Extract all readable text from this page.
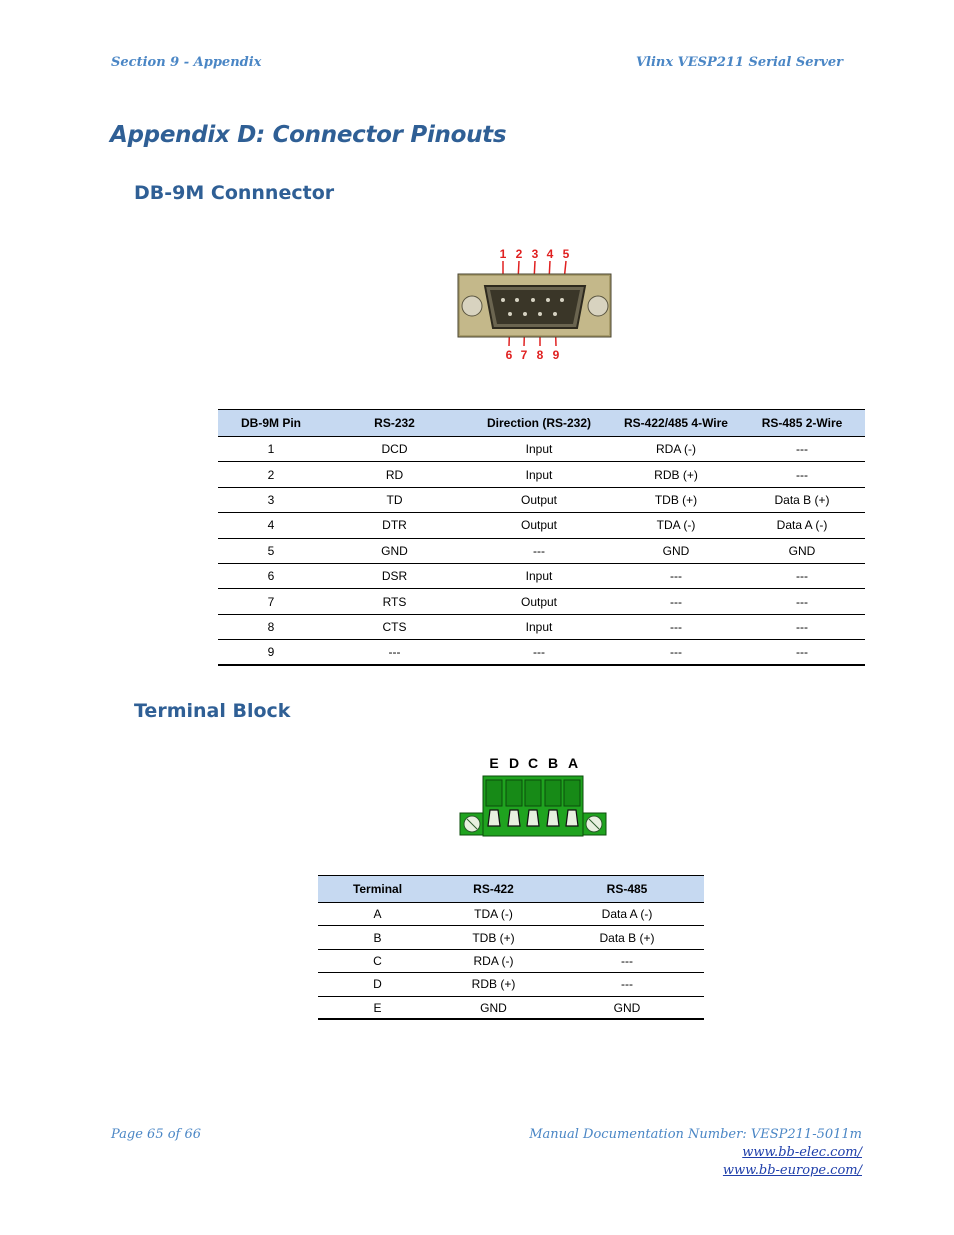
Section 9 - Appendix	Vlinx VESP211 Serial Server
Appendix D: Connector Pinouts
DB-9M Connnector
1 2 3 4 5
6 7 8 9
DB-9M Pin	RS-232	Direction (RS-232)	RS-422/485 4-Wire	RS-485 2-Wire
1	DCD	Input	RDA (-)	---
2	RD	Input	RDB (+)	---
3	TD	Output	TDB (+)	Data B (+)
4	DTR	Output	TDA (-)	Data A (-)
5	GND	---	GND	GND
6	DSR	Input	---	---
7	RTS	Output	---	---
8	CTS	Input	---	---
9	---	---	---	---
Terminal Block
E D C B A
Terminal	RS-422	RS-485
A	TDA (-)	Data A (-)
B	TDB (+)	Data B (+)
C	RDA (-)	---
D	RDB (+)	---
E	GND	GND
Page 65 of 66	Manual Documentation Number: VESP211-5011m
www.bb-elec.com/
www.bb-europe.com/
